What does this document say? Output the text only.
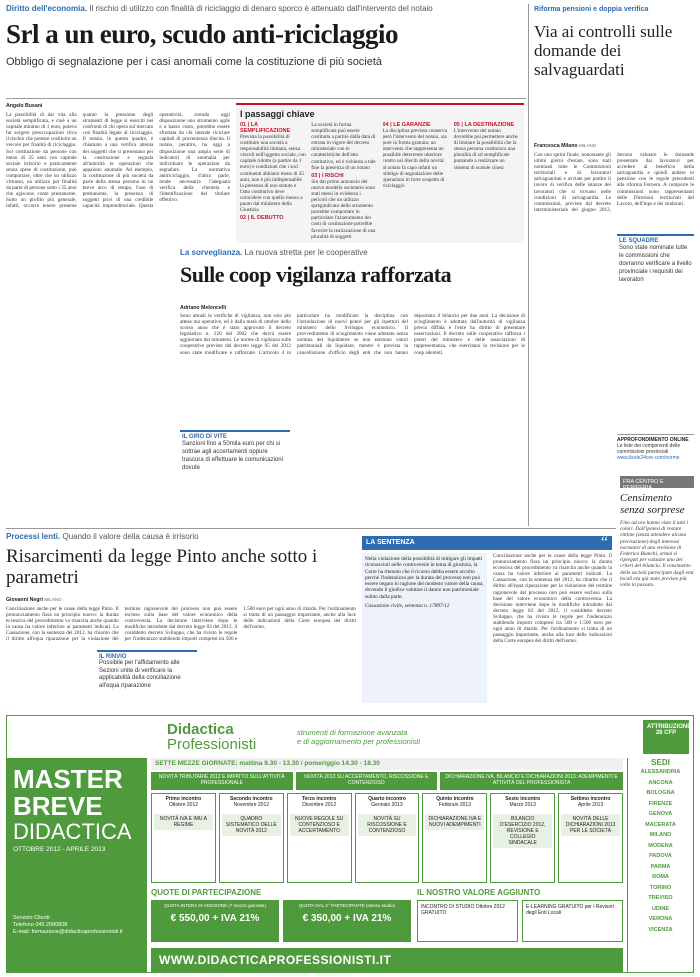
Diritto dell'economia. Il rischio di utilizzo con finalità di riciclaggio di denaro sporco è attenuato dall'intervento del notaio
Srl a un euro, scudo anti-riciclaggio
Obbligo di segnalazione per i casi anomali come la costituzione di più società
Angelo Busani
La possibilità di dar vita alla società semplificata, e cioè a un capitale minimo di 1 euro, poteva far sorgere preoccupazioni circa il rischio che potesse costituire un veicolo per finalità di riciclaggio. Sol costituzione da persone con meno di 35 anni con capitale sociale irrisorio e praticamente senza spese di costituzione, può comportare, oltre che un utilizzo virtuoso, un utilizzo per finalità da parte di persone sotto i 35 anni che agiscono come prestanome. Sotto un profilo più generale, infatti, occorre tenere presente quanto la pressione degli strumenti di legge si eserciti nei confronti di chi opera sul mercato con finalità legate al riciclaggio. Il notaio, in questo quadro, è chiamato a una verifica attenta dei soggetti che si presentano per la costituzione e segnala all'autorità le operazioni che appaiono anomale. Ad esempio, la costituzione di più società da parte della stessa persona in un breve arco di tempo, l'uso di prestanome, la presenza di soggetti privi di una credibile capacità imprenditoriale. Questa operatività, avendo oggi disposizione uno strumento agile e a basso costo, potrebbe essere sfruttata da chi intende riciclare capitali di provenienza illecita. Il notaio, peraltro, ha oggi a disposizione una ampia serie di indicatori di anomalia per individuare le operazioni da segnalare. La normativa antiriciclaggio, d'altra parte, rende necessaria l'adeguata verifica della clientela e l'identificazione del titolare effettivo.
I passaggi chiave
01 | LA SEMPLIFICAZIONE
Prevista la possibilità di costituire una società a responsabilità limitata, senza vincoli nell'oggetto sociale, con capitale ridotto (a partire da 1 euro) e condizioni che i soci costituenti abbiano meno di 35 anni, non è più indispensabile la presenza di uno statuto e l'atto costitutivo deve coincidere con quello messo a punto dal ministero della Giustizia
02 | IL DEBUTTO
La società in forma semplificata può essere costituita a partire dalla data di entrata in vigore del decreto ministeriale con le caratteristiche dell'atto costitutivo, ed è richiesta a tale fine la presenza di un notaio
03 | I RISCHI
Sin dal primo annuncio del nuovo modello societario sono stati messi in evidenza i pericoli che un utilizzo spregiudicato dello strumento potrebbe comportare in particolare l'azzeramento dei costi di costituzione potrebbe favorire la realizzazione di una pluralità di soggetti
04 | LE GARANZIE
La disciplina prevista conserva però l'intervento del notaio, sia pure in forma gratuita: un intervento che rappresenta un possibile deterrente ulteriore contro usi illeciti della novità: al notaio fa capo infatti un obbligo di segnalazione delle operazioni in forte sospetto di riciclaggio
05 | LA DESTINAZIONE
L'intervento del notaio dovrebbe poi permettere anche di limitare la possibilità che la stessa persona costituisca una pluralità di srl semplificate puntando a realizzare un sistema di scatole cinesi
Riforma pensioni e doppia verifica
Via ai controlli sulle domande dei salvaguardati
Francesca Milano MILANO
Con uno sprint finale, nonostante gli ultimi giorni d'estate, sono stati nominati tutte le Commissioni territoriali e di lavoratori salvaguardati e avviate per partire il lavoro di verifica delle istanze dei lavoratori che si trovano nelle condizioni di salvaguardia. Le commissioni, previste dal decreto interministeriale del giugno 2012, devono valutare le domande presentate dai lavoratori per accedere al beneficio della salvaguardia e quindi andare in pensione con le regole precedenti alla riforma Fornero. A comporre le commissioni sono rappresentanti delle Direzioni territoriali del Lavoro, dell'Inps e dei sindacati.
LE SQUADRE
Sono state nominate tutte le commissioni che dovranno verificare a livello provinciale i requisiti dei lavoratori
APPROFONDIMENTO ONLINE
Le liste dei componenti delle commissioni provinciali
www.ilsole24ore.com/norme
FRA CENTRO E PERIFERIA
Censimento senza sorprese
Fino ad ora hanno visto il tutti i colori. Dall'ipotesi di restare vittime (senza attendere alcuna precisazione) degli interessi normativi di una revisione di Federico Bianchi, ormai si ripiegati per valutare uno dei criteri del bilancio. Il censimento delle società partecipate dagli enti locali era già stato previsto più volte in passato.
La sorveglianza. La nuova stretta per le cooperative
Sulle coop vigilanza rafforzata
Adriano Meloncelli
Sono attuali le verifiche di vigilanza, non solo più attese ma operative, ed è dalla metà di ottobre dello scorso anno che è stato approvato il decreto legislativo n. 220 del 2002 che dovrà essere aggiornato dal ministero. Le norme di vigilanza sulle cooperative previste dal decreto legge 95 del 2012 sono state modificate e rafforzate. L'articolo 4 in particolare ha modificato la disciplina con l'introduzione di nuovi poteri per gli ispettori del ministero dello Sviluppo economico. Il provvedimento di scioglimento viene adottato senza nomina del liquidatore se non esistono valori patrimoniali da liquidare, mentre è prevista la cancellazione d'ufficio degli enti che non hanno depositato il bilancio per due anni. La decisione di scioglimento è adottata dall'autorità di vigilanza previa diffida e l'ente ha diritto di presentare osservazioni. Il decreto sulle cooperative rafforza i poteri del ministero e delle associazioni di rappresentanza, che esercitano la revisione per le coop aderenti.
IL GIRO DI VITE
Sanzioni fino a 50mila euro per chi si sottrae agli accertamenti oppure trascura di effettuare le comunicazioni dovute
Processi lenti. Quando il valore della causa è irrisorio
Risarcimenti da legge Pinto anche sotto i parametri
Giovanni Negri MILANO
Conciliazione anche per le cause della legge Pinto. Il pronunciamento fissa un principio nuovo: la durata eccessiva del procedimento va risarcita anche quando la causa ha valore inferiore ai parametri indicati. La Cassazione, con la sentenza del 2012, ha chiarito che il diritto all'equa riparazione per la violazione del termine ragionevole del processo non può essere escluso sulla base del valore economico della controversia. La decisione interviene dopo le modifiche introdotte dal decreto legge 83 del 2012, il cosiddetto decreto Sviluppo, che ha rivisto le regole per l'indennizzo stabilendo importi compresi tra 500 e 1.500 euro per ogni anno di ritardo. Per l'ordinamento si tratta di un passaggio importante, anche alla luce delle indicazioni della Corte europea dei diritti dell'uomo.
IL RINVIO
Possibile per l'affidamento alle Sezioni unite di verificare la applicabilità della conciliazione all'equa riparazione
LA SENTENZA	“
Nella violazione della possibilità di mitigare gli impatti riconosciuti nelle controversie in tema di giustizia, la Corte ha ritenuto che il ricorso debba essere accolto perché l'indennizzo per la durata del processo non può essere negato in ragione del modesto valore della causa, dovendo il giudice valutare il danno non patrimoniale subito dalla parte.
Cassazione civile, sentenza n. 17897/12
Conciliazione anche per le cause della legge Pinto. Il pronunciamento fissa un principio nuovo: la durata eccessiva del procedimento va risarcita anche quando la causa ha valore inferiore ai parametri indicati. La Cassazione, con la sentenza del 2012, ha chiarito che il diritto all'equa riparazione per la violazione del termine ragionevole del processo non può essere escluso sulla base del valore economico della controversia. La decisione interviene dopo le modifiche introdotte dal decreto legge 83 del 2012, il cosiddetto decreto Sviluppo, che ha rivisto le regole per l'indennizzo stabilendo importi compresi tra 500 e 1.500 euro per ogni anno di ritardo. Per l'ordinamento si tratta di un passaggio importante, anche alla luce delle indicazioni della Corte europea dei diritti dell'uomo.
Didactica
Professionisti
strumenti di formazione avanzata
e di aggiornamento per professionisti
ATTRIBUZIONE 28 CFP
MASTER
BREVE
DIDACTICA
OTTOBRE 2012 - APRILE 2013
Servizio Clienti:
Telefono 045 2080808
E-mail: formazione@didacticaprofessionisti.it
SETTE MEZZE GIORNATE: mattina 9.30 - 13.30 / pomeriggio 14.30 - 18.30
NOVITÀ TRIBUTARIE 2012 E IMPATTO SULL'ATTIVITÀ PROFESSIONALE
NOVITÀ 2013 SU ACCERTAMENTO, RISCOSSIONE E CONTENZIOSO
DICHIARAZIONE IVA, BILANCIO E DICHIARAZIONI 2013: ADEMPIMENTI E ATTIVITÀ DEL PROFESSIONISTA
Primo incontro
Ottobre 2012
NOVITÀ IVA E IMU A REGIME
Secondo incontro
Novembre 2012
QUADRO SISTEMATICO DELLE NOVITÀ 2012
Terzo incontro
Dicembre 2012
NUOVE REGOLE SU CONTENZIOSO E ACCERTAMENTO
Quarto incontro
Gennaio 2013
NOVITÀ SU RISCOSSIONE E CONTENZIOSO
Quinto incontro
Febbraio 2013
DICHIARAZIONE IVA E NUOVI ADEMPIMENTI
Sesto incontro
Marzo 2013
BILANCIO D'ESERCIZIO 2012, REVISIONE E COLLEGIO SINDACALE
Settimo incontro
Aprile 2013
NOVITÀ DELLE DICHIARAZIONI 2013 PER LE SOCIETÀ
QUOTE DI PARTECIPAZIONE
QUOTA INTERA DI ADESIONE (7 mezze giornate)
€ 550,00 + IVA 21%
QUOTA DAL 2° PARTECIPANTE (stesso studio)
€ 350,00 + IVA 21%
IL NOSTRO VALORE AGGIUNTO
INCONTRO DI STUDIO Ottobre 2012 GRATUITO
E-LEARNING GRATUITO per i Revisori degli Enti Locali
WWW.DIDACTICAPROFESSIONISTI.IT
SEDI
ALESSANDRIA
ANCONA
BOLOGNA
FIRENZE
GENOVA
MACERATA
MILANO
MODENA
PADOVA
PARMA
ROMA
TORINO
TREVISO
UDINE
VERONA
VICENZA
